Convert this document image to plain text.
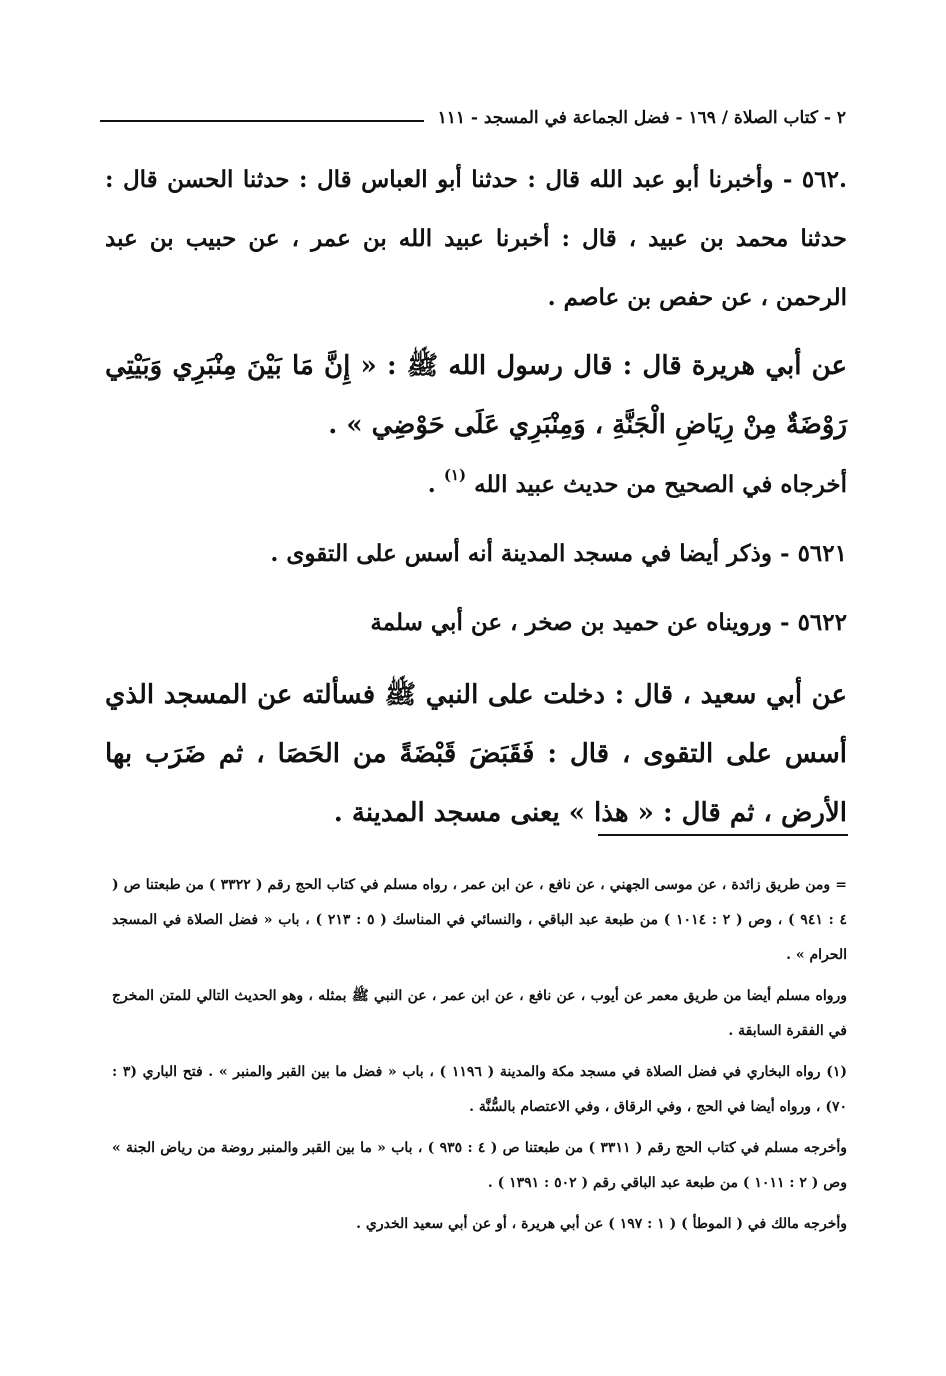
٢ - كتاب الصلاة / ١٦٩ - فضل الجماعة في المسجد - ١١١

.٥٦٢ - وأخبرنا أبو عبد الله قال : حدثنا أبو العباس قال : حدثنا الحسن قال : حدثنا محمد بن عبيد ، قال : أخبرنا عبيد الله بن عمر ، عن حبيب بن عبد الرحمن ، عن حفص بن عاصم .

عن أبي هريرة قال : قال رسول الله ﷺ : « إِنَّ مَا بَيْنَ مِنْبَرِي وَبَيْتِي رَوْضَةٌ مِنْ رِيَاضِ الْجَنَّةِ ، وَمِنْبَرِي عَلَى حَوْضِي » .

أخرجاه في الصحيح من حديث عبيد الله $^{(١)}$ .

٥٦٢١ - وذكر أيضا في مسجد المدينة أنه أسس على التقوى .

٥٦٢٢ - ورويناه عن حميد بن صخر ، عن أبي سلمة

عن أبي سعيد ، قال : دخلت على النبي ﷺ فسألته عن المسجد الذي أسس على التقوى ، قال : فَقَبَضَ قَبْضَةً من الحَصَا ، ثم ضَرَب بها الأرض ، ثم قال : « هذا » يعنى مسجد المدينة .

= ومن طريق زائدة ، عن موسى الجهني ، عن نافع ، عن ابن عمر ، رواه مسلم في كتاب الحج رقم ( ٣٣٢٢ ) من طبعتنا ص ( ٤ : ٩٤١ ) ، وص ( ٢ : ١٠١٤ ) من طبعة عبد الباقي ، والنسائي في المناسك ( ٥ : ٢١٣ ) ، باب « فضل الصلاة في المسجد الحرام » .

ورواه مسلم أيضا من طريق معمر عن أيوب ، عن نافع ، عن ابن عمر ، عن النبي ﷺ بمثله ، وهو الحديث التالي للمتن المخرج في الفقرة السابقة .

(١) رواه البخاري في فضل الصلاة في مسجد مكة والمدينة ( ١١٩٦ ) ، باب « فضل ما بين القبر والمنبر » . فتح الباري (٣ : ٧٠) ، ورواه أيضا في الحج ، وفي الرقاق ، وفي الاعتصام بالسُّنَّة .

وأخرجه مسلم في كتاب الحج رقم ( ٣٣١١ ) من طبعتنا ص ( ٤ : ٩٣٥ ) ، باب « ما بين القبر والمنبر روضة من رياض الجنة » وص ( ٢ : ١٠١١ ) من طبعة عبد الباقي رقم ( ٥٠٢ : ١٣٩١ ) .

وأخرجه مالك في ( الموطأ ) ( ١ : ١٩٧ ) عن أبي هريرة ، أو عن أبي سعيد الخدري .
